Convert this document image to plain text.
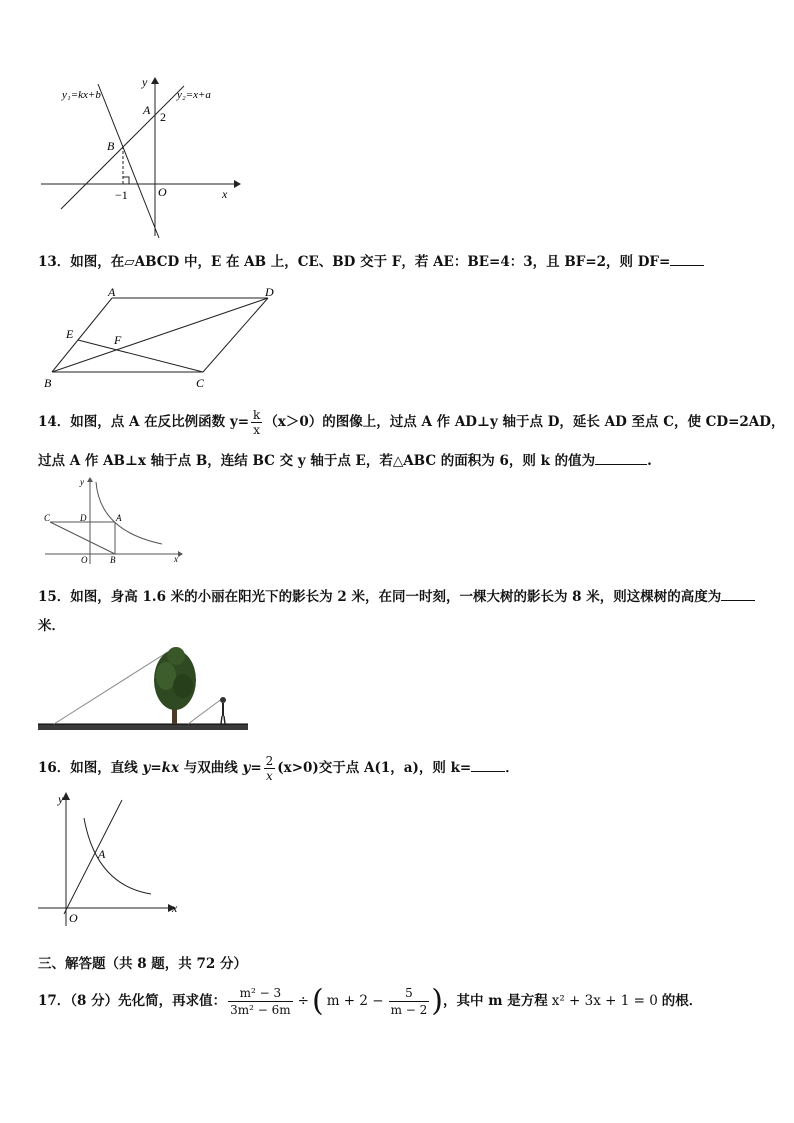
y₁=kx+b	y₂=x+a
y
x
A 2
B
−1	O
13．如图，在▱ABCD 中，E 在 AB 上，CE、BD 交于 F，若 AE：BE=4：3，且 BF=2，则 DF=
A	D
E	F
B	C
14．如图，点 A 在反比例函数 $y= \frac{k}{x} (x>0)$的图像上，过点 A 作 AD⊥y 轴于点 D，延长 AD 至点 C，使 CD=2AD，
过点 A 作 AB⊥x 轴于点 B，连结 BC 交 y 轴于点 E，若△ABC 的面积为 6，则 k 的值为	.
y
C	D	A
O	B	x
15．如图，身高 1.6 米的小丽在阳光下的影长为 2 米，在同一时刻，一棵大树的影长为 8 米，则这棵树的高度为
米．
16．如图，直线 y=kx 与双曲线 $y= \frac{2}{x} (x>0)$交于点 A(1，a)，则 k=	．
y
A
O
x
三、解答题（共 8 题，共 72 分）
17．（8 分）先化简，再求值： $\frac{\text{m² − 3}}{\text{3m² − 6m}}$ ÷ ( $m + 2 - \frac{5}{m - 2}$ )，其中 m 是方程 x² + 3x + 1 = 0 的根．
